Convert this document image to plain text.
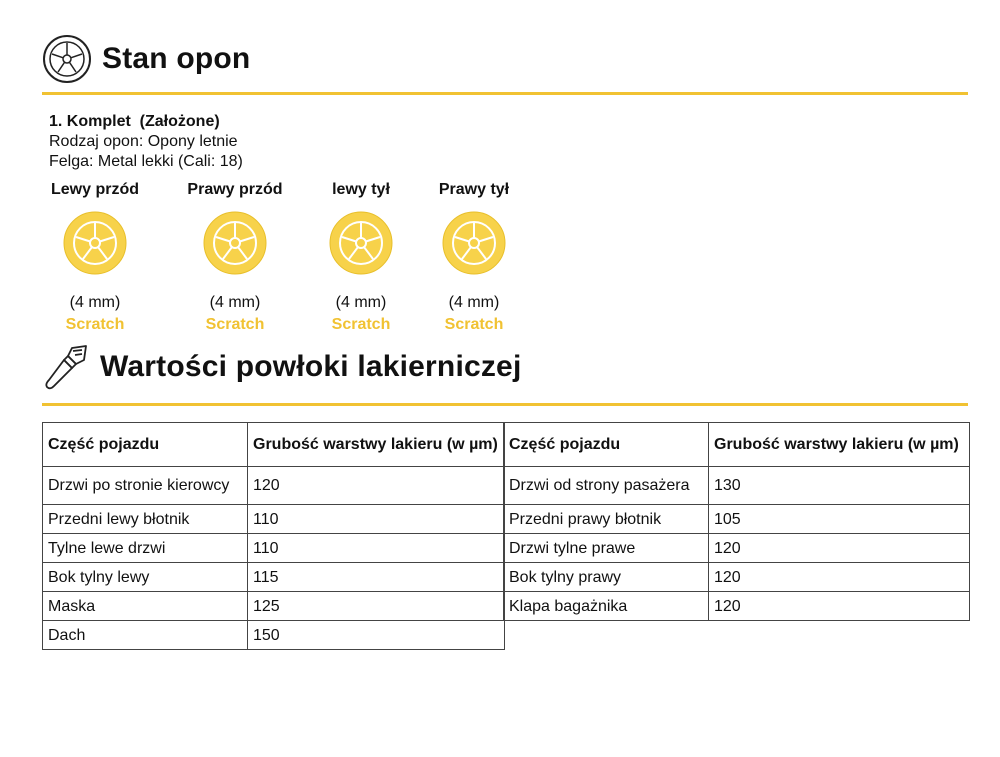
Stan opon
1. Komplet  (Założone)
Rodzaj opon: Opony letnie
Felga: Metal lekki (Cali: 18)
Lewy przód
(4 mm)
Scratch
Prawy przód
(4 mm)
Scratch
lewy tył
(4 mm)
Scratch
Prawy tył
(4 mm)
Scratch
Wartości powłoki lakierniczej
Część pojazdu	Grubość warstwy lakieru (w µm)
Drzwi po stronie kierowcy	120
Przedni lewy błotnik	110
Tylne lewe drzwi	110
Bok tylny lewy	115
Maska	125
Dach	150
Część pojazdu	Grubość warstwy lakieru (w µm)
Drzwi od strony pasażera	130
Przedni prawy błotnik	105
Drzwi tylne prawe	120
Bok tylny prawy	120
Klapa bagażnika	120
